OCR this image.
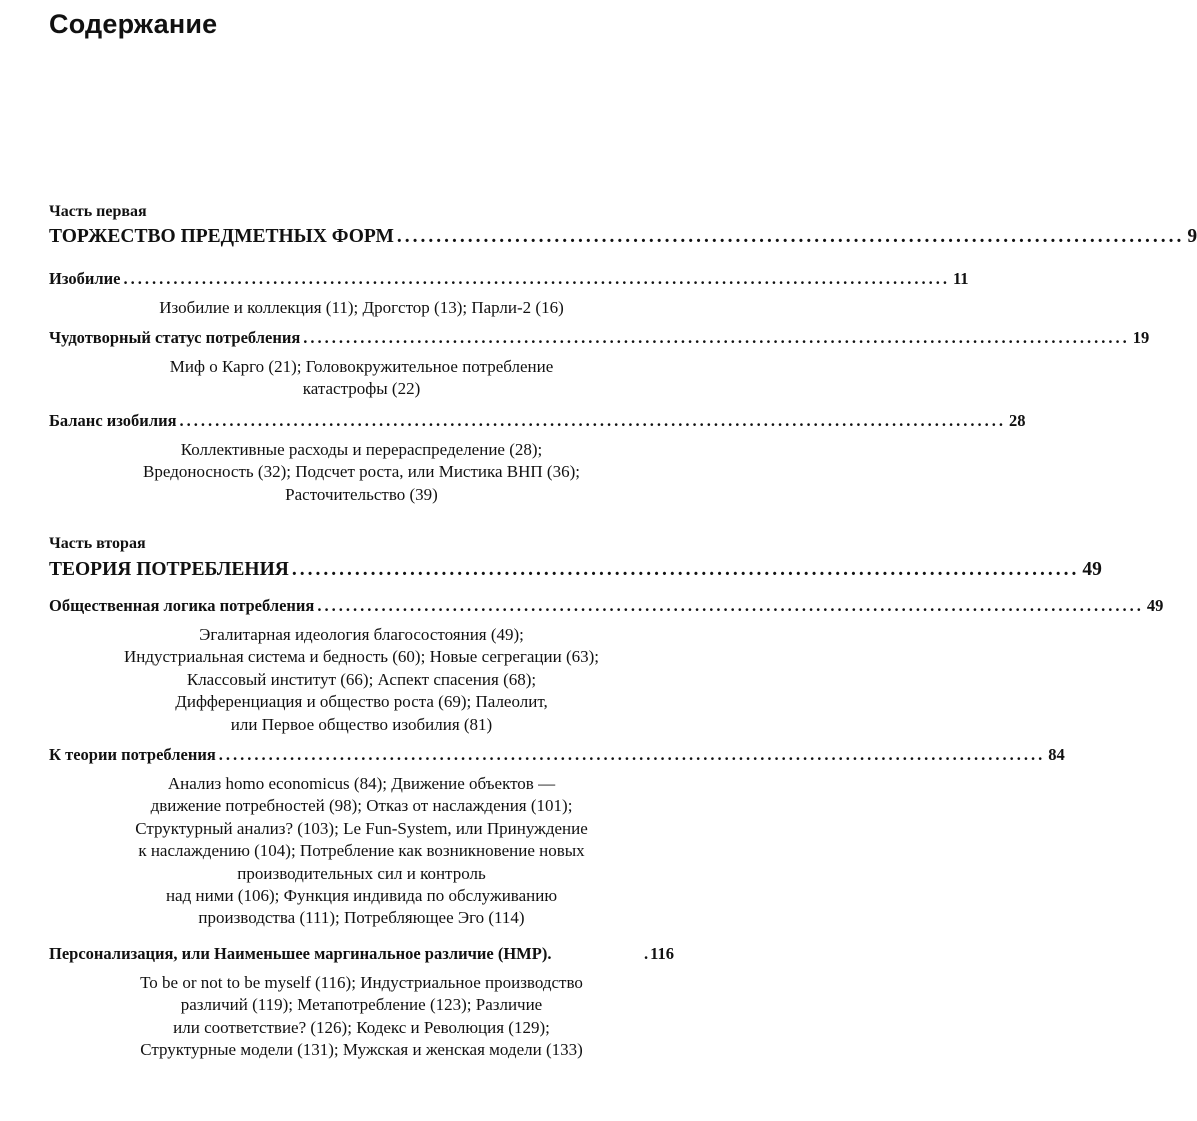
Содержание
Часть первая
ТОРЖЕСТВО ПРЕДМЕТНЫХ ФОРМ .................................................................................................... 9
Изобилие .................................................................................................................... 11
Изобилие и коллекция (11); Дрогстор (13); Парли-2 (16)
Чудотворный статус потребления .................................................................................................................... 19
Миф о Карго (21); Головокружительное потребление
катастрофы (22)
Баланс изобилия .................................................................................................................... 28
Коллективные расходы и перераспределение (28);
Вредоносность (32); Подсчет роста, или Мистика ВНП (36);
Расточительство (39)
Часть вторая
ТЕОРИЯ ПОТРЕБЛЕНИЯ .................................................................................................... 49
Общественная логика потребления .................................................................................................................... 49
Эгалитарная идеология благосостояния (49);
Индустриальная система и бедность (60); Новые сегрегации (63);
Классовый институт (66); Аспект спасения (68);
Дифференциация и общество роста (69); Палеолит,
или Первое общество изобилия (81)
К теории потребления .................................................................................................................... 84
Анализ homo economicus (84); Движение объектов —
движение потребностей (98); Отказ от наслаждения (101);
Структурный анализ? (103); Le Fun-System, или Принуждение
к наслаждению (104); Потребление как возникновение новых
производительных сил и контроль
над ними (106); Функция индивида по обслуживанию
производства (111); Потребляющее Эго (114)
Персонализация, или Наименьшее маргинальное различие (НМР).	. 116
To be or not to be myself (116); Индустриальное производство
различий (119); Метапотребление (123); Различие
или соответствие? (126); Кодекс и Революция (129);
Структурные модели (131); Мужская и женская модели (133)
